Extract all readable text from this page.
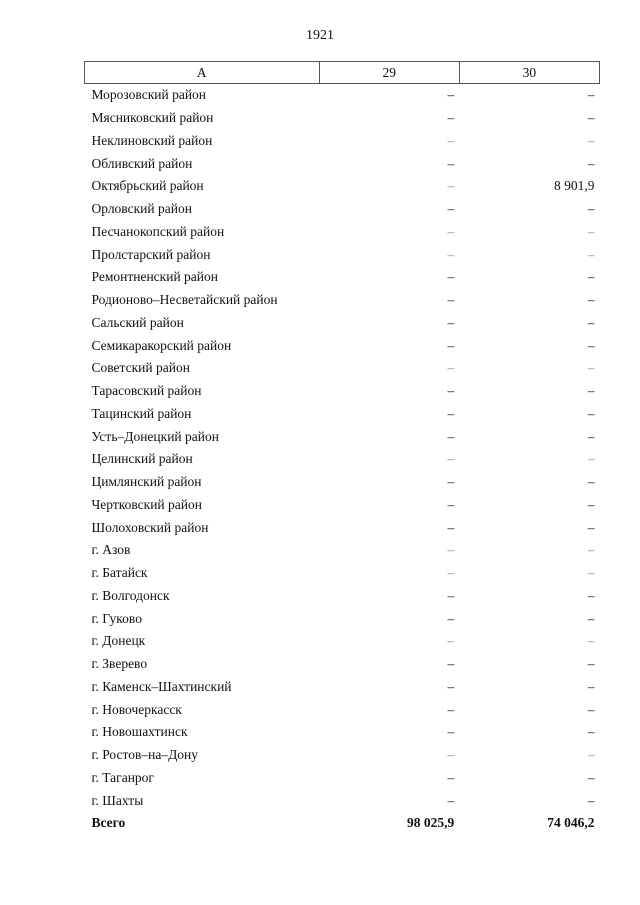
1921
А	29	30
Морозовский район	–	–
Мясниковский район	–	–
Неклиновский район	–	–
Обливский район	–	–
Октябрьский район	–	8 901,9
Орловский район	–	–
Песчанокопский район	–	–
Пролстарский район	–	–
Ремонтненский район	–	–
Родионово–Несветайский район	–	–
Сальский район	–	–
Семикаракорский район	–	–
Советский район	–	–
Тарасовский район	–	–
Тацинский район	–	–
Усть–Донецкий район	–	–
Целинский район	–	–
Цимлянский район	–	–
Чертковский район	–	–
Шолоховский район	–	–
г. Азов	–	–
г. Батайск	–	–
г. Волгодонск	–	–
г. Гуково	–	–
г. Донецк	–	–
г. Зверево	–	–
г. Каменск–Шахтинский	–	–
г. Новочеркасск	–	–
г. Новошахтинск	–	–
г. Ростов–на–Дону	–	–
г. Таганрог	–	–
г. Шахты	–	–
Всего	98 025,9	74 046,2
